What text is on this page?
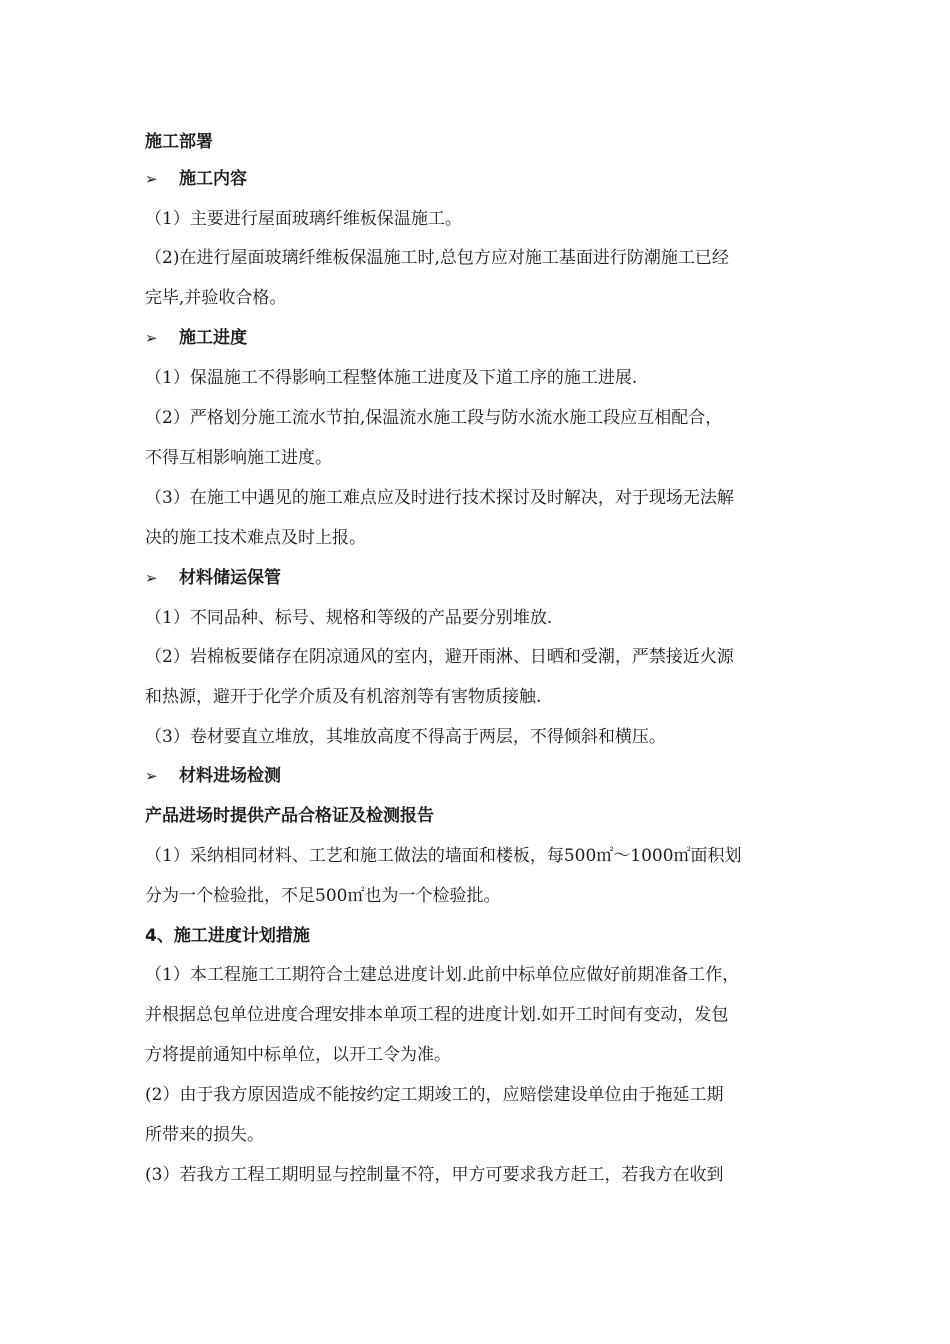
施工部署
➢ 施工内容
（1）主要进行屋面玻璃纤维板保温施工。
（2)在进行屋面玻璃纤维板保温施工时,总包方应对施工基面进行防潮施工已经
完毕,并验收合格。
➢ 施工进度
（1）保温施工不得影响工程整体施工进度及下道工序的施工进展.
（2）严格划分施工流水节拍,保温流水施工段与防水流水施工段应互相配合，
不得互相影响施工进度。
（3）在施工中遇见的施工难点应及时进行技术探讨及时解决，对于现场无法解
决的施工技术难点及时上报。
➢ 材料储运保管
（1）不同品种、标号、规格和等级的产品要分别堆放.
（2）岩棉板要储存在阴凉通风的室内，避开雨淋、日晒和受潮，严禁接近火源
和热源，避开于化学介质及有机溶剂等有害物质接触.
（3）卷材要直立堆放，其堆放高度不得高于两层，不得倾斜和横压。
➢ 材料进场检测
产品进场时提供产品合格证及检测报告
（1）采纳相同材料、工艺和施工做法的墙面和楼板，每500㎡～1000㎡面积划
分为一个检验批，不足500㎡也为一个检验批。
4、施工进度计划措施
（1）本工程施工工期符合土建总进度计划.此前中标单位应做好前期准备工作，
并根据总包单位进度合理安排本单项工程的进度计划.如开工时间有变动，发包
方将提前通知中标单位，以开工令为准。
(2）由于我方原因造成不能按约定工期竣工的，应赔偿建设单位由于拖延工期
所带来的损失。
(3）若我方工程工期明显与控制量不符，甲方可要求我方赶工，若我方在收到
